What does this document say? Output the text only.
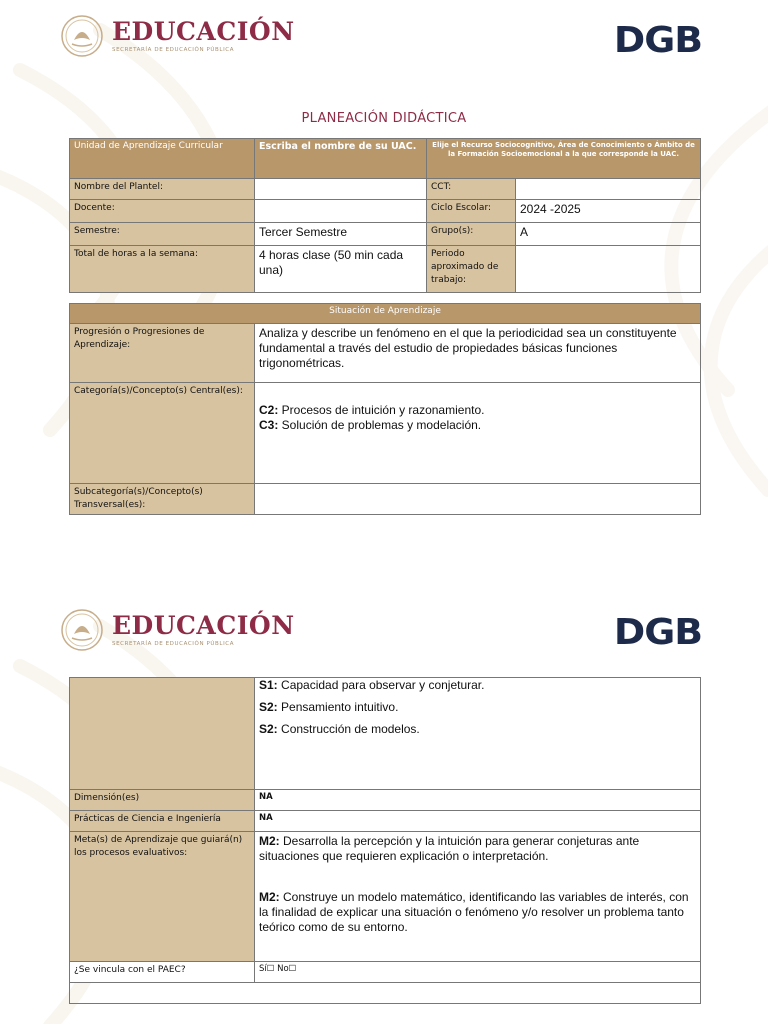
EDUCACIÓN
SECRETARÍA DE EDUCACIÓN PÚBLICA	DGB
PLANEACIÓN DIDÁCTICA
Unidad de Aprendizaje Curricular	Escriba el nombre de su UAC.	Elije el Recurso Sociocognitivo, Área de Conocimiento o Ámbito de la Formación Socioemocional a la que corresponde la UAC.	
Nombre del Plantel:		CCT:	
Docente:		Ciclo Escolar:	2024 -2025
Semestre:	Tercer Semestre	Grupo(s):	A
Total de horas a la semana:	4 horas clase (50 min cada una)	Periodo aproximado de trabajo:	
Situación de Aprendizaje	
Progresión o Progresiones de Aprendizaje:	Analiza y describe un fenómeno en el que la periodicidad sea un constituyente fundamental a través del estudio de propiedades básicas funciones trigonométricas.
Categoría(s)/Concepto(s) Central(es):	C2: Procesos de intuición y razonamiento.

C3: Solución de problemas y modelación.

Subcategoría(s)/Concepto(s) Transversal(es):	
EDUCACIÓN
SECRETARÍA DE EDUCACIÓN PÚBLICA	DGB

	S1: Capacidad para observar y conjeturar.

S2: Pensamiento intuitivo.

S2: Construcción de modelos.

Dimensión(es)	NA
Prácticas de Ciencia e Ingeniería	NA
Meta(s) de Aprendizaje que guiará(n) los procesos evaluativos:	M2: Desarrolla la percepción y la intuición para generar conjeturas ante situaciones que requieren explicación o interpretación.

M2: Construye un modelo matemático, identificando las variables de interés, con la finalidad de explicar una situación o fenómeno y/o resolver un problema tanto teórico como de su entorno.

¿Se vincula con el PAEC?	Sí☐ No☐
